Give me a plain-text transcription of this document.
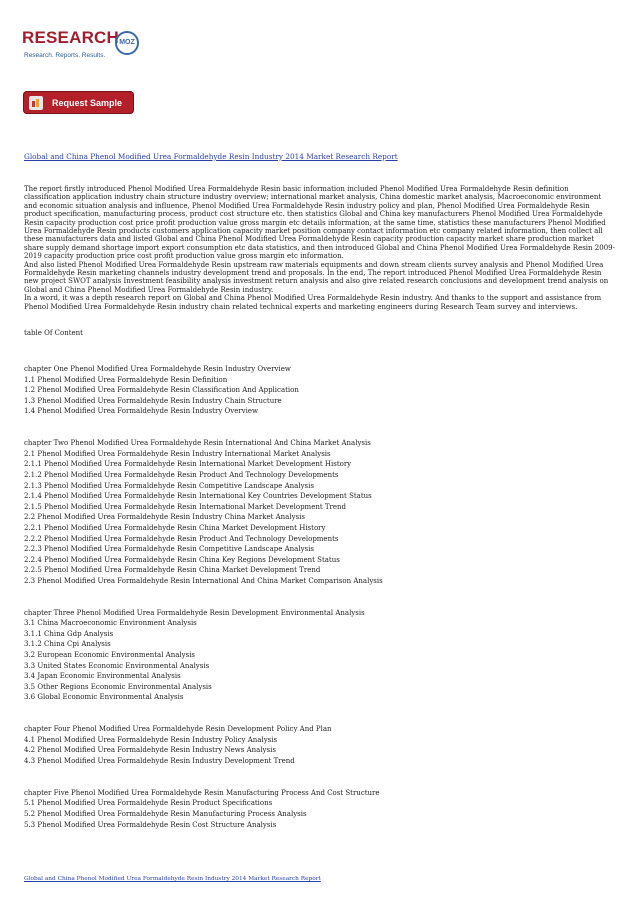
RESEARCH MOZ
Research. Reports. Results.
Request Sample
Global and China Phenol Modified Urea Formaldehyde Resin Industry 2014 Market Research Report

The report firstly introduced Phenol Modified Urea Formaldehyde Resin basic information included Phenol Modified Urea Formaldehyde Resin definition classification application industry chain structure industry overview; international market analysis, China domestic market analysis, Macroeconomic environment and economic situation analysis and influence, Phenol Modified Urea Formaldehyde Resin industry policy and plan, Phenol Modified Urea Formaldehyde Resin product specification, manufacturing process, product cost structure etc. then statistics Global and China key manufacturers Phenol Modified Urea Formaldehyde Resin capacity production cost price profit production value gross margin etc details information, at the same time, statistics these manufacturers Phenol Modified Urea Formaldehyde Resin products customers application capacity market position company contact information etc company related information, then collect all these manufacturers data and listed Global and China Phenol Modified Urea Formaldehyde Resin capacity production capacity market share production market share supply demand shortage import export consumption etc data statistics, and then introduced Global and China Phenol Modified Urea Formaldehyde Resin 2009-2019 capacity production price cost profit production value gross margin etc information.

And also listed Phenol Modified Urea Formaldehyde Resin upstream raw materials equipments and down stream clients survey analysis and Phenol Modified Urea Formaldehyde Resin marketing channels industry development trend and proposals. In the end, The report introduced Phenol Modified Urea Formaldehyde Resin new project SWOT analysis Investment feasibility analysis investment return analysis and also give related research conclusions and development trend analysis on Global and China Phenol Modified Urea Formaldehyde Resin industry.

In a word, it was a depth research report on Global and China Phenol Modified Urea Formaldehyde Resin industry. And thanks to the support and assistance from Phenol Modified Urea Formaldehyde Resin industry chain related technical experts and marketing engineers during Research Team survey and interviews.

table Of Content
chapter One Phenol Modified Urea Formaldehyde Resin Industry Overview
1.1 Phenol Modified Urea Formaldehyde Resin Definition
1.2 Phenol Modified Urea Formaldehyde Resin Classification And Application
1.3 Phenol Modified Urea Formaldehyde Resin Industry Chain Structure
1.4 Phenol Modified Urea Formaldehyde Resin Industry Overview
chapter Two Phenol Modified Urea Formaldehyde Resin International And China Market Analysis
2.1 Phenol Modified Urea Formaldehyde Resin Industry International Market Analysis
2.1.1 Phenol Modified Urea Formaldehyde Resin International Market Development History
2.1.2 Phenol Modified Urea Formaldehyde Resin Product And Technology Developments
2.1.3 Phenol Modified Urea Formaldehyde Resin Competitive Landscape Analysis
2.1.4 Phenol Modified Urea Formaldehyde Resin International Key Countries Development Status
2.1.5 Phenol Modified Urea Formaldehyde Resin International Market Development Trend
2.2 Phenol Modified Urea Formaldehyde Resin Industry China Market Analysis
2.2.1 Phenol Modified Urea Formaldehyde Resin China Market Development History
2.2.2 Phenol Modified Urea Formaldehyde Resin Product And Technology Developments
2.2.3 Phenol Modified Urea Formaldehyde Resin Competitive Landscape Analysis
2.2.4 Phenol Modified Urea Formaldehyde Resin China Key Regions Development Status
2.2.5 Phenol Modified Urea Formaldehyde Resin China Market Development Trend
2.3 Phenol Modified Urea Formaldehyde Resin International And China Market Comparison Analysis
chapter Three Phenol Modified Urea Formaldehyde Resin Development Environmental Analysis
3.1 China Macroeconomic Environment Analysis
3.1.1 China Gdp Analysis
3.1.2 China Cpi Analysis
3.2 European Economic Environmental Analysis
3.3 United States Economic Environmental Analysis
3.4 Japan Economic Environmental Analysis
3.5 Other Regions Economic Environmental Analysis
3.6 Global Economic Environmental Analysis
chapter Four Phenol Modified Urea Formaldehyde Resin Development Policy And Plan
4.1 Phenol Modified Urea Formaldehyde Resin Industry Policy Analysis
4.2 Phenol Modified Urea Formaldehyde Resin Industry News Analysis
4.3 Phenol Modified Urea Formaldehyde Resin Industry Development Trend
chapter Five Phenol Modified Urea Formaldehyde Resin Manufacturing Process And Cost Structure
5.1 Phenol Modified Urea Formaldehyde Resin Product Specifications
5.2 Phenol Modified Urea Formaldehyde Resin Manufacturing Process Analysis
5.3 Phenol Modified Urea Formaldehyde Resin Cost Structure Analysis
Global and China Phenol Modified Urea Formaldehyde Resin Industry 2014 Market Research Report
